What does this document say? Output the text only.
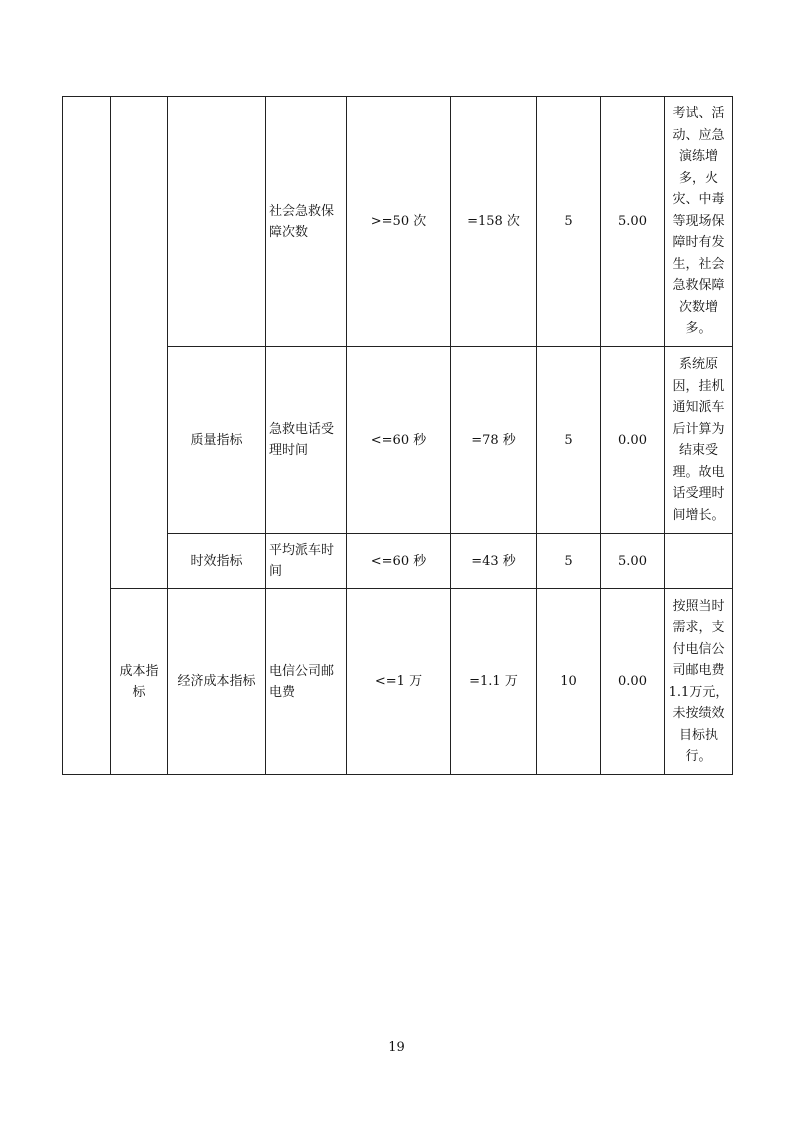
			社会急救保障次数	>=50 次	=158 次	5	5.00	考试、活动、应急演练增多，火灾、中毒等现场保障时有发生，社会急救保障次数增多。
		质量指标	急救电话受理时间	<=60 秒	=78 秒	5	0.00	系统原因，挂机通知派车后计算为结束受理。故电话受理时间增长。
		时效指标	平均派车时间	<=60 秒	=43 秒	5	5.00	
	成本指标	经济成本指标	电信公司邮电费	<=1 万	=1.1 万	10	0.00	按照当时需求，支付电信公司邮电费1.1万元，未按绩效目标执行。
19
